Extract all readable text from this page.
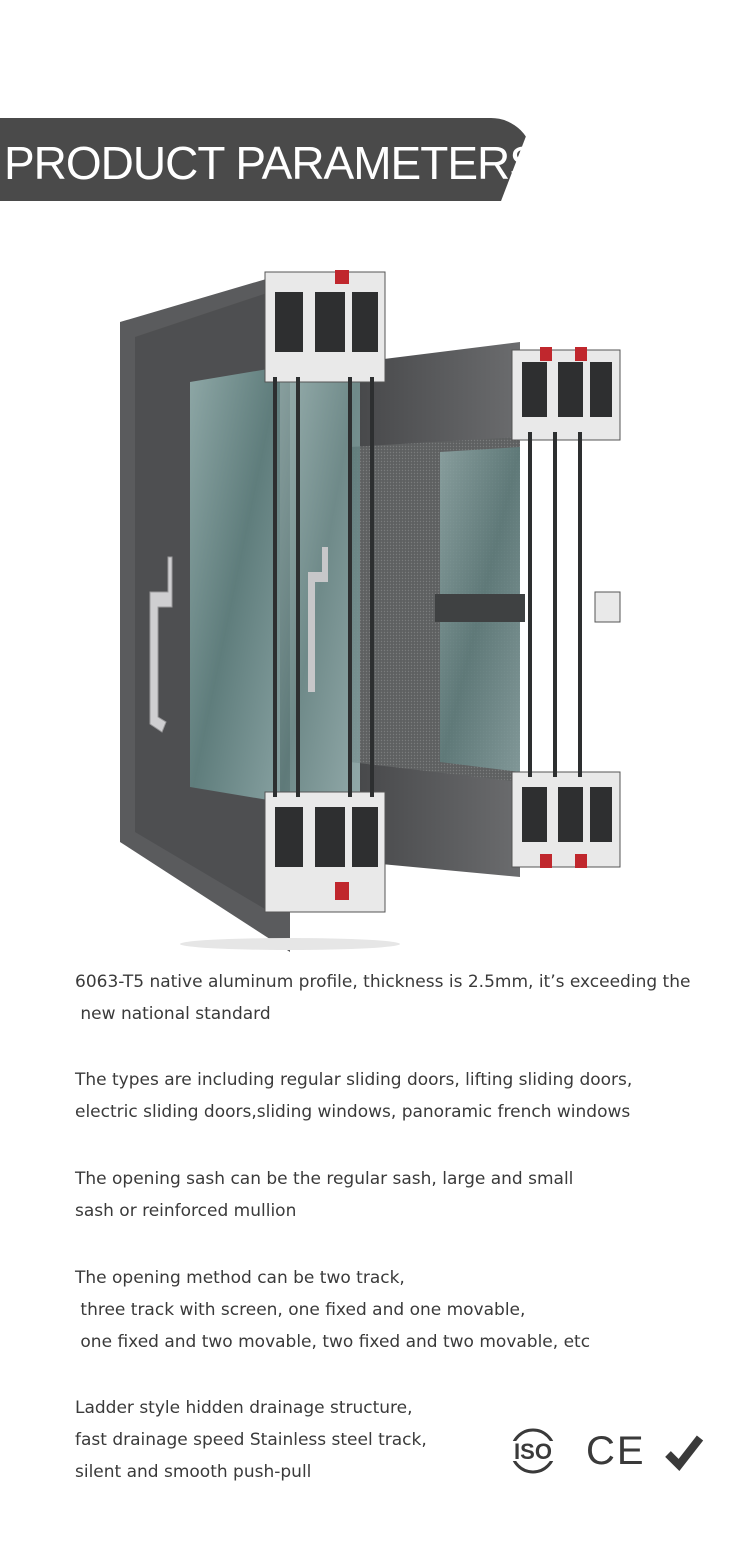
PRODUCT PARAMETERS

6063-T5 native aluminum profile, thickness is 2.5mm, it’s exceeding the
new national standard

The types are including regular sliding doors, lifting sliding doors,
electric sliding doors,sliding windows, panoramic french windows

The opening sash can be the regular sash, large and small
sash or reinforced mullion

The opening method can be two track,
three track with screen, one fixed and one movable,
one fixed and two movable, two fixed and two movable, etc

Ladder style hidden drainage structure,
fast drainage speed Stainless steel track,
silent and smooth push-pull

ISO CE
